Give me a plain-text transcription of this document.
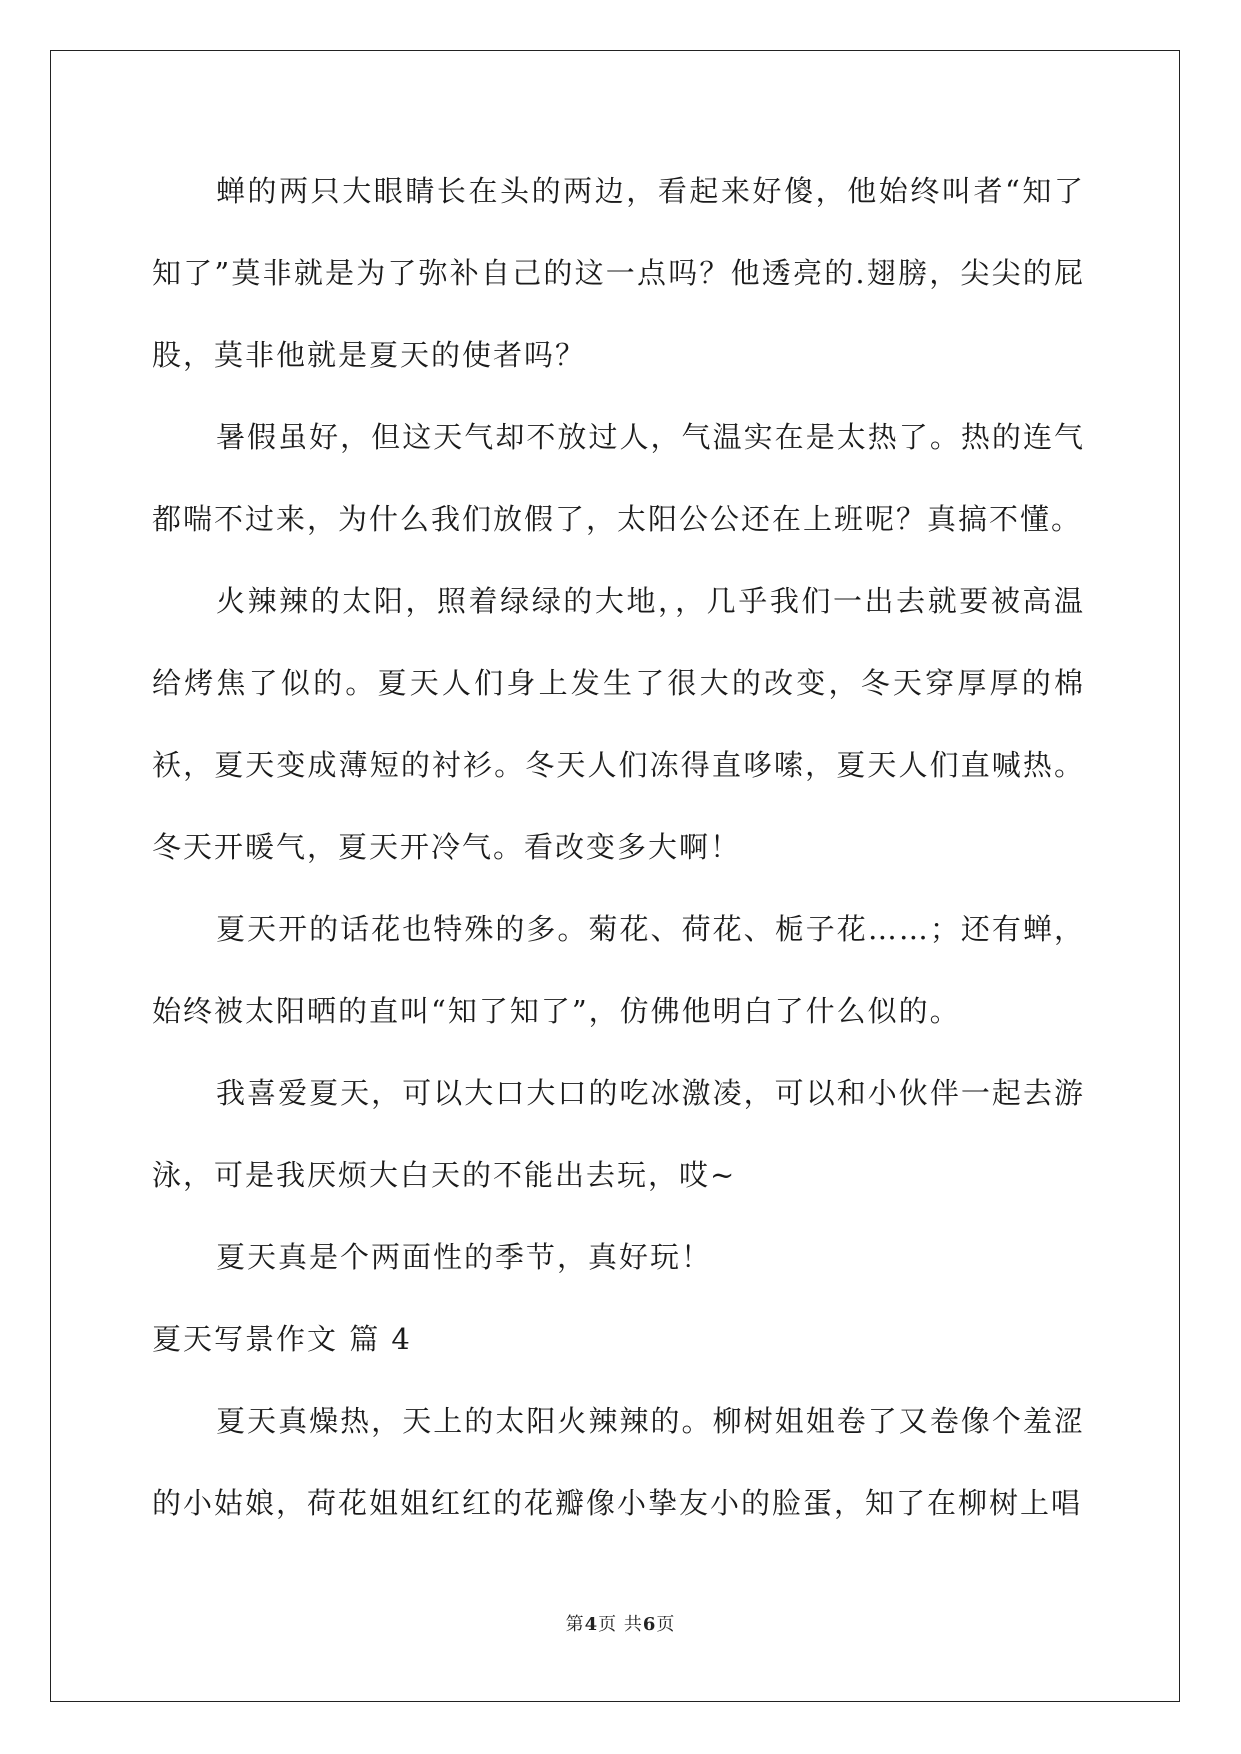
蝉的两只大眼睛长在头的两边，看起来好傻，他始终叫者“知了知了”莫非就是为了弥补自己的这一点吗？他透亮的.翅膀，尖尖的屁股，莫非他就是夏天的使者吗？

暑假虽好，但这天气却不放过人，气温实在是太热了。热的连气都喘不过来，为什么我们放假了，太阳公公还在上班呢？真搞不懂。

火辣辣的太阳，照着绿绿的大地，，几乎我们一出去就要被高温给烤焦了似的。夏天人们身上发生了很大的改变，冬天穿厚厚的棉袄，夏天变成薄短的衬衫。冬天人们冻得直哆嗦，夏天人们直喊热。冬天开暖气，夏天开冷气。看改变多大啊！

夏天开的话花也特殊的多。菊花、荷花、栀子花……；还有蝉，始终被太阳晒的直叫“知了知了”，仿佛他明白了什么似的。

我喜爱夏天，可以大口大口的吃冰激凌，可以和小伙伴一起去游泳，可是我厌烦大白天的不能出去玩，哎~

夏天真是个两面性的季节，真好玩！

夏天写景作文 篇 4

夏天真燥热，天上的太阳火辣辣的。柳树姐姐卷了又卷像个羞涩的小姑娘，荷花姐姐红红的花瓣像小挚友小的脸蛋，知了在柳树上唱

第4页 共6页
